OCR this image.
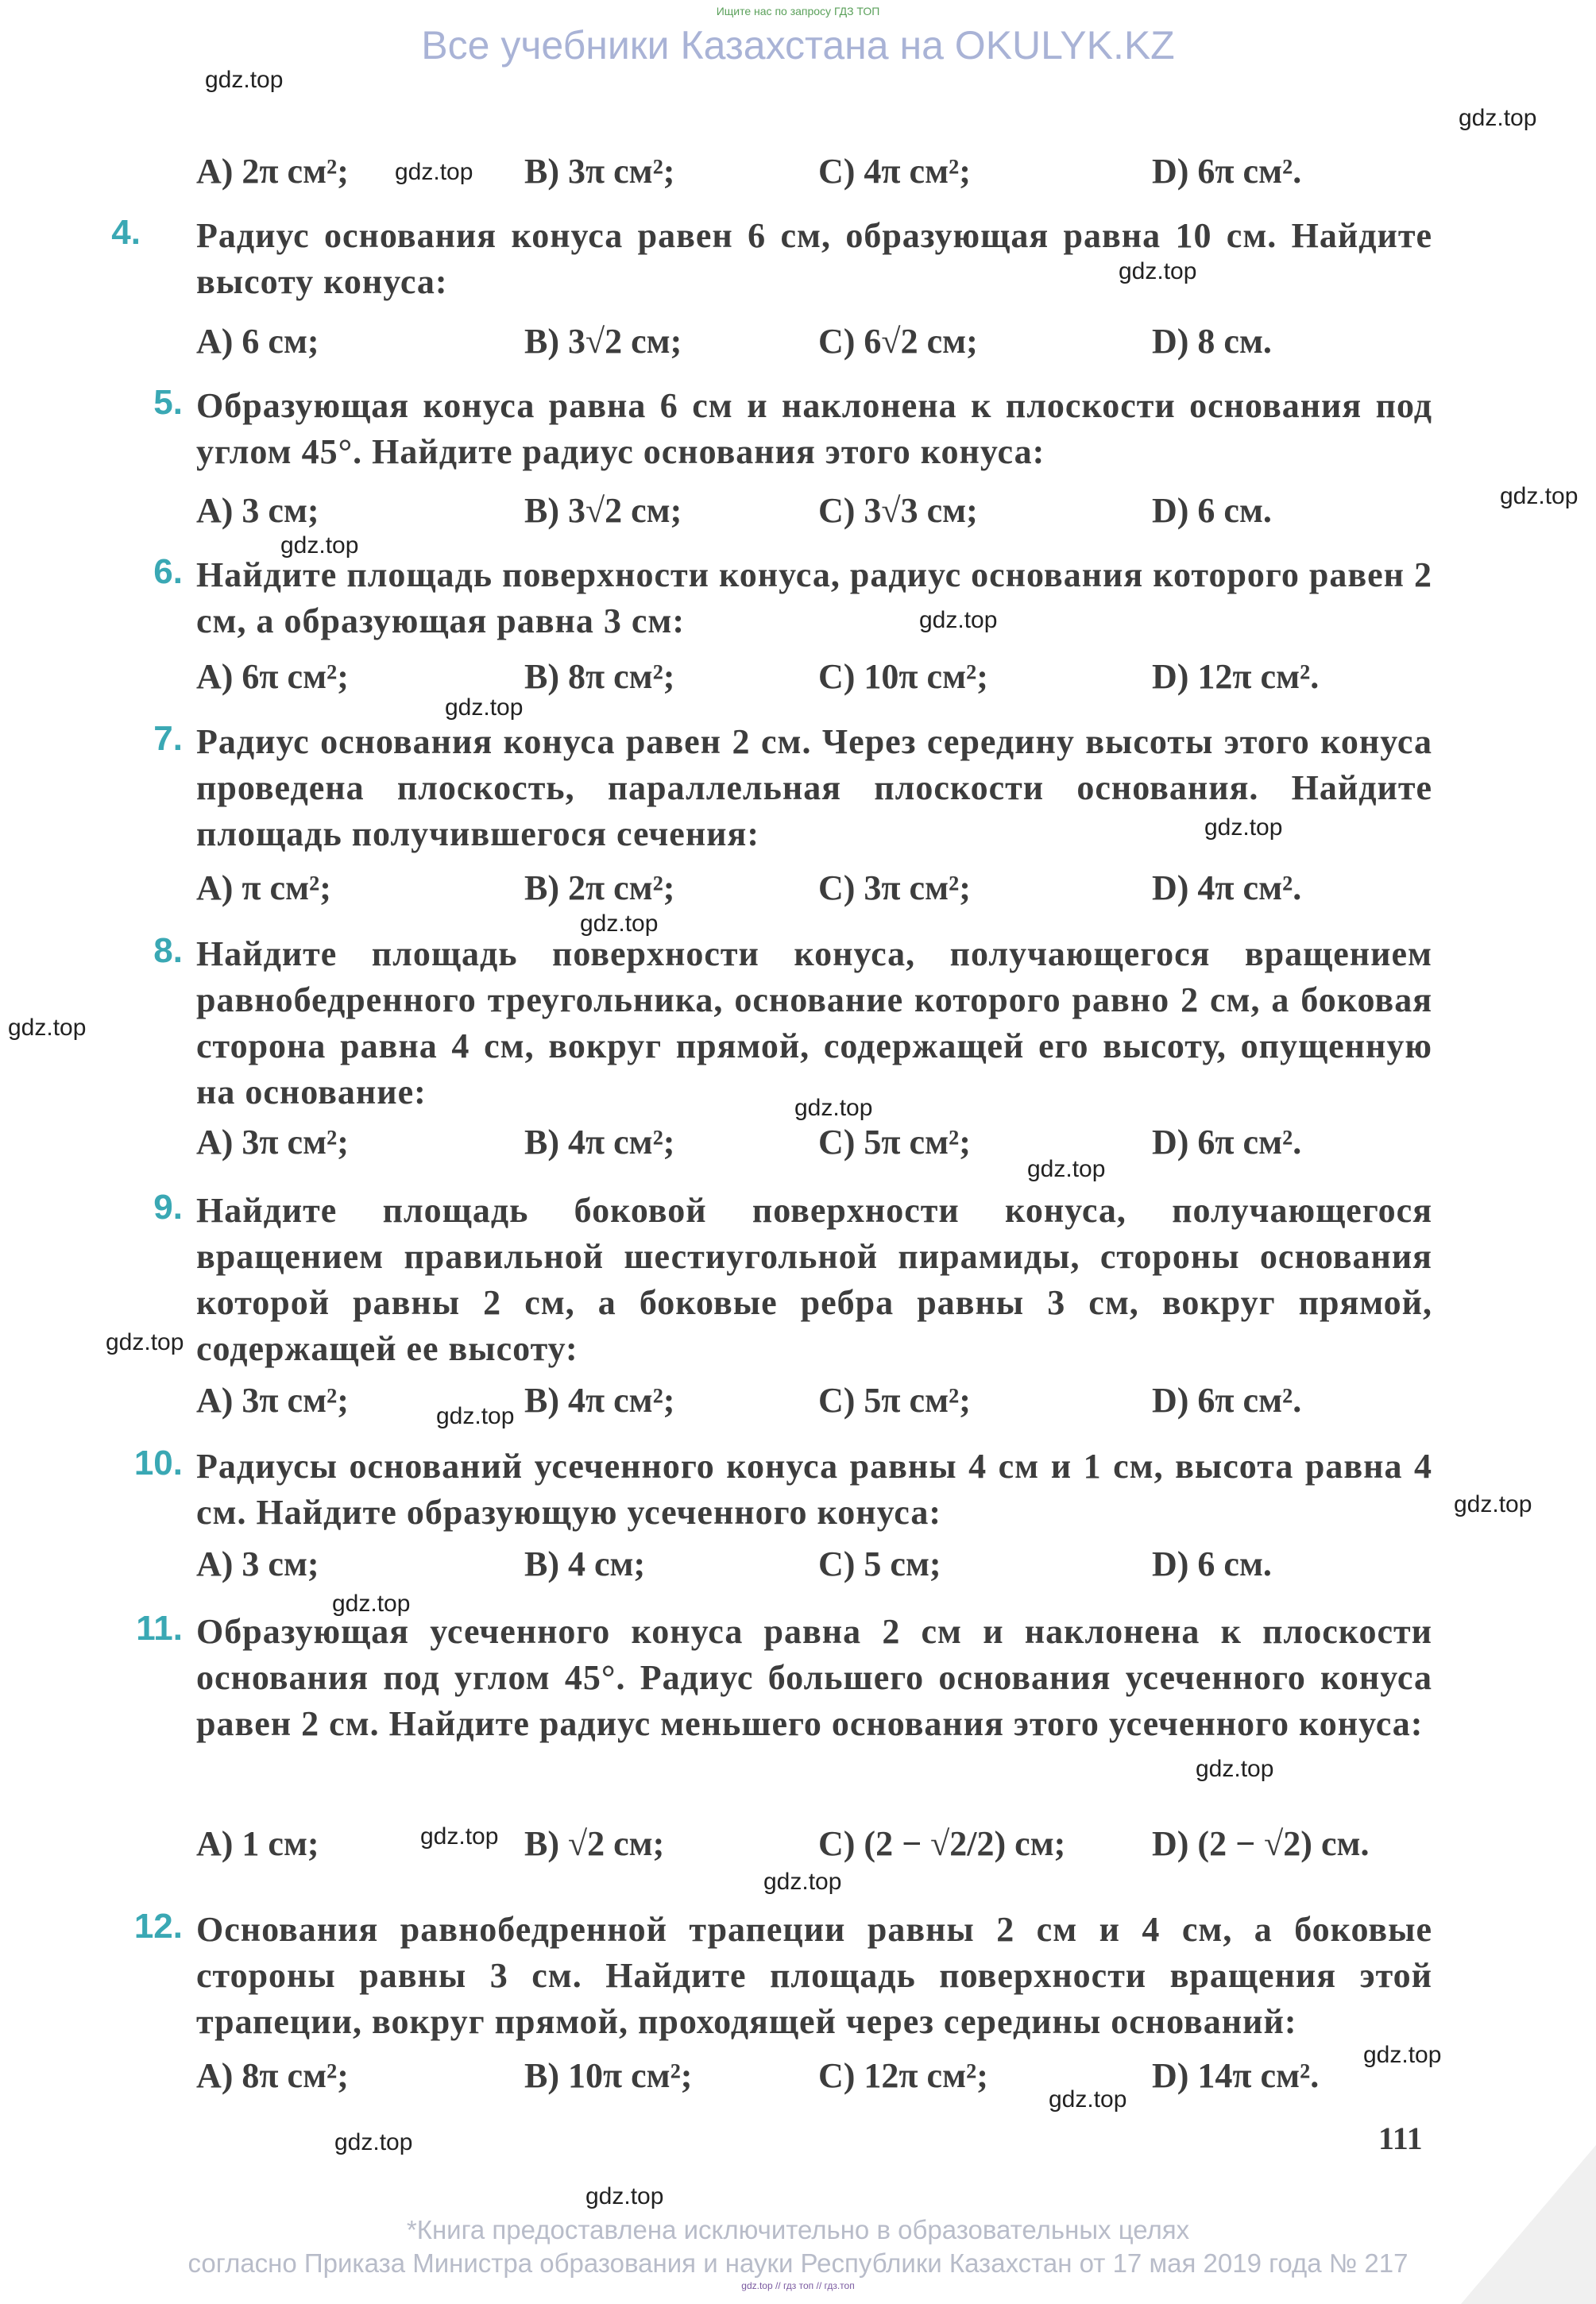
Ищите нас по запросу ГДЗ ТОП
Все учебники Казахстана на OKULYK.KZ
A) 2π см²;	B) 3π см²;	C) 4π см²;	D) 6π см².
4. Радиус основания конуса равен 6 см, образующая равна 10 см. Найдите высоту конуса:
A) 6 см;	B) 3√2 см;	C) 6√2 см;	D) 8 см.
5. Образующая конуса равна 6 см и наклонена к плоскости основания под углом 45°. Найдите радиус основания этого конуса:
A) 3 см;	B) 3√2 см;	C) 3√3 см;	D) 6 см.
6. Найдите площадь поверхности конуса, радиус основания которого равен 2 см, а образующая равна 3 см:
A) 6π см²;	B) 8π см²;	C) 10π см²;	D) 12π см².
7. Радиус основания конуса равен 2 см. Через середину высоты этого конуса проведена плоскость, параллельная плоскости основания. Найдите площадь получившегося сечения:
A) π см²;	B) 2π см²;	C) 3π см²;	D) 4π см².
8. Найдите площадь поверхности конуса, получающегося вращением равнобедренного треугольника, основание которого равно 2 см, а боковая сторона равна 4 см, вокруг прямой, содержащей его высоту, опущенную на основание:
A) 3π см²;	B) 4π см²;	C) 5π см²;	D) 6π см².
9. Найдите площадь боковой поверхности конуса, получающегося вращением правильной шестиугольной пирамиды, стороны основания которой равны 2 см, а боковые ребра равны 3 см, вокруг прямой, содержащей ее высоту:
A) 3π см²;	B) 4π см²;	C) 5π см²;	D) 6π см².
10. Радиусы оснований усеченного конуса равны 4 см и 1 см, высота равна 4 см. Найдите образующую усеченного конуса:
A) 3 см;	B) 4 см;	C) 5 см;	D) 6 см.
11. Образующая усеченного конуса равна 2 см и наклонена к плоскости основания под углом 45°. Радиус большего основания усеченного конуса равен 2 см. Найдите радиус меньшего основания этого усеченного конуса:
A) 1 см;	B) √2 см;	C) (2 − √2/2) см; D) (2 − √2) см.
12. Основания равнобедренной трапеции равны 2 см и 4 см, а боковые стороны равны 3 см. Найдите площадь поверхности вращения этой трапеции, вокруг прямой, проходящей через середины оснований:
A) 8π см²;	B) 10π см²;	C) 12π см²;	D) 14π см².
111
gdz.top
gdz.top
gdz.top
gdz.top
gdz.top
gdz.top
gdz.top
gdz.top
gdz.top
gdz.top
gdz.top
gdz.top
gdz.top
gdz.top
gdz.top
gdz.top
gdz.top
gdz.top
gdz.top
gdz.top
gdz.top
gdz.top
gdz.top
gdz.top
*Книга предоставлена исключительно в образовательных целях
согласно Приказа Министра образования и науки Республики Казахстан от 17 мая 2019 года № 217
gdz.top // гдз топ // гдз.топ
